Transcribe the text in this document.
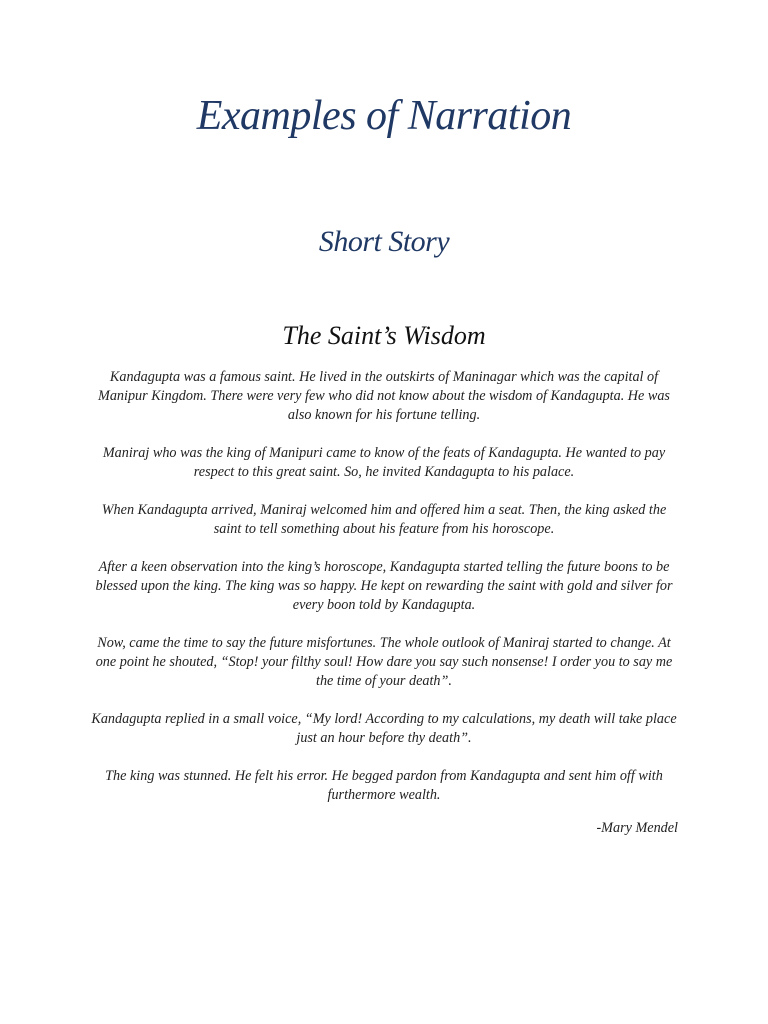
Examples of Narration
Short Story
The Saint’s Wisdom

Kandagupta was a famous saint. He lived in the outskirts of Maninagar which was the capital of Manipur Kingdom. There were very few who did not know about the wisdom of Kandagupta. He was also known for his fortune telling.

Maniraj who was the king of Manipuri came to know of the feats of Kandagupta. He wanted to pay respect to this great saint. So, he invited Kandagupta to his palace.

When Kandagupta arrived, Maniraj welcomed him and offered him a seat. Then, the king asked the saint to tell something about his feature from his horoscope.

After a keen observation into the king’s horoscope, Kandagupta started telling the future boons to be blessed upon the king. The king was so happy. He kept on rewarding the saint with gold and silver for every boon told by Kandagupta.

Now, came the time to say the future misfortunes. The whole outlook of Maniraj started to change. At one point he shouted, “Stop! your filthy soul! How dare you say such nonsense! I order you to say me the time of your death”.

Kandagupta replied in a small voice, “My lord! According to my calculations, my death will take place just an hour before thy death”.

The king was stunned. He felt his error. He begged pardon from Kandagupta and sent him off with furthermore wealth.

-Mary Mendel
